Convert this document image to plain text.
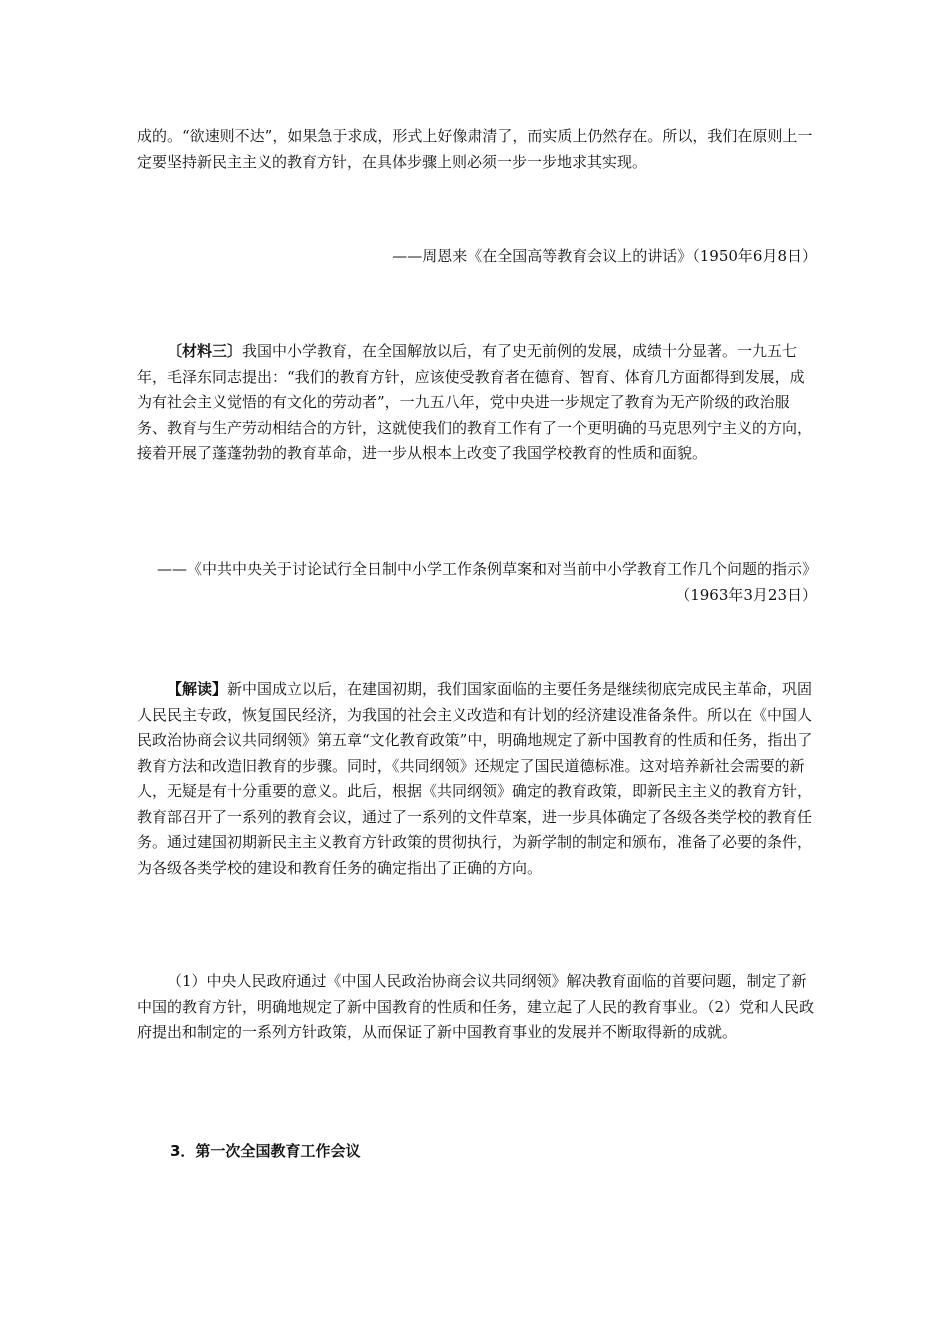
成的。“欲速则不达”，如果急于求成，形式上好像肃清了，而实质上仍然存在。所以，我们在原则上一定要坚持新民主主义的教育方针，在具体步骤上则必须一步一步地求其实现。

——周恩来《在全国高等教育会议上的讲话》（1950年6月8日）

〔材料三〕我国中小学教育，在全国解放以后，有了史无前例的发展，成绩十分显著。一九五七年，毛泽东同志提出：“我们的教育方针，应该使受教育者在德育、智育、体育几方面都得到发展，成为有社会主义觉悟的有文化的劳动者”，一九五八年，党中央进一步规定了教育为无产阶级的政治服务、教育与生产劳动相结合的方针，这就使我们的教育工作有了一个更明确的马克思列宁主义的方向，接着开展了蓬蓬勃勃的教育革命，进一步从根本上改变了我国学校教育的性质和面貌。

——《中共中央关于讨论试行全日制中小学工作条例草案和对当前中小学教育工作几个问题的指示》（1963年3月23日）

【解读】新中国成立以后，在建国初期，我们国家面临的主要任务是继续彻底完成民主革命，巩固人民民主专政，恢复国民经济，为我国的社会主义改造和有计划的经济建设准备条件。所以在《中国人民政治协商会议共同纲领》第五章“文化教育政策”中，明确地规定了新中国教育的性质和任务，指出了教育方法和改造旧教育的步骤。同时，《共同纲领》还规定了国民道德标准。这对培养新社会需要的新人，无疑是有十分重要的意义。此后，根据《共同纲领》确定的教育政策，即新民主主义的教育方针，教育部召开了一系列的教育会议，通过了一系列的文件草案，进一步具体确定了各级各类学校的教育任务。通过建国初期新民主主义教育方针政策的贯彻执行，为新学制的制定和颁布，准备了必要的条件，为各级各类学校的建设和教育任务的确定指出了正确的方向。

（1）中央人民政府通过《中国人民政治协商会议共同纲领》解决教育面临的首要问题，制定了新中国的教育方针，明确地规定了新中国教育的性质和任务，建立起了人民的教育事业。（2）党和人民政府提出和制定的一系列方针政策，从而保证了新中国教育事业的发展并不断取得新的成就。

3．第一次全国教育工作会议
